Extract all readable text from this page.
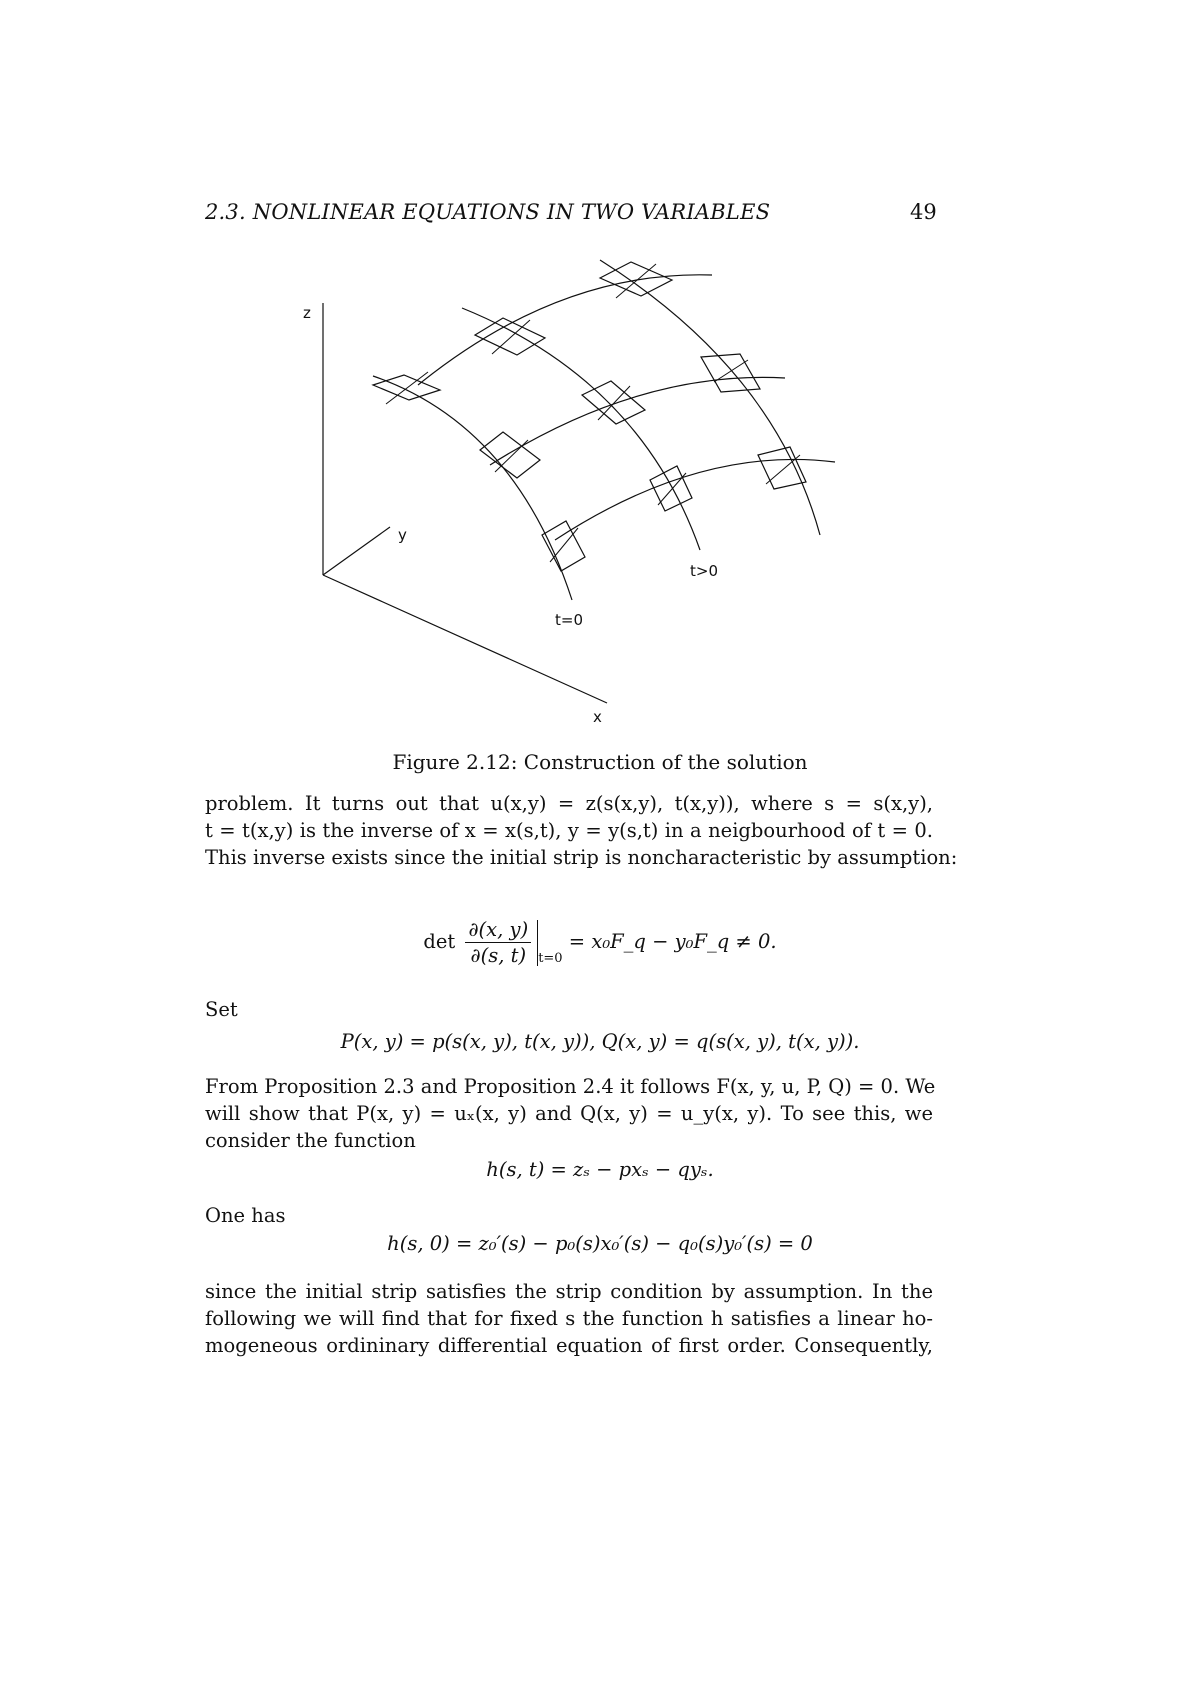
2.3. NONLINEAR EQUATIONS IN TWO VARIABLES	49
z
y
x
t=0
t>0
Figure 2.12: Construction of the solution
problem. It turns out that u(x,y) = z(s(x,y), t(x,y)), where s = s(x,y),
t = t(x,y) is the inverse of x = x(s,t), y = y(s,t) in a neigbourhood of t = 0.
This inverse exists since the initial strip is noncharacteristic by assumption:
$\det \frac{\partial(x, y)}{\partial(s, t)} _{t=0}$ = x₀F_q − y₀F_q ≠ 0.
Set
P(x, y) = p(s(x, y), t(x, y)), Q(x, y) = q(s(x, y), t(x, y)).
From Proposition 2.3 and Proposition 2.4 it follows F(x, y, u, P, Q) = 0. We
will show that P(x, y) = uₓ(x, y) and Q(x, y) = u_y(x, y). To see this, we
consider the function
h(s, t) = zₛ − pxₛ − qyₛ.
One has
h(s, 0) = z₀′(s) − p₀(s)x₀′(s) − q₀(s)y₀′(s) = 0
since the initial strip satisfies the strip condition by assumption. In the
following we will find that for fixed s the function h satisfies a linear ho-
mogeneous ordininary differential equation of first order. Consequently,
